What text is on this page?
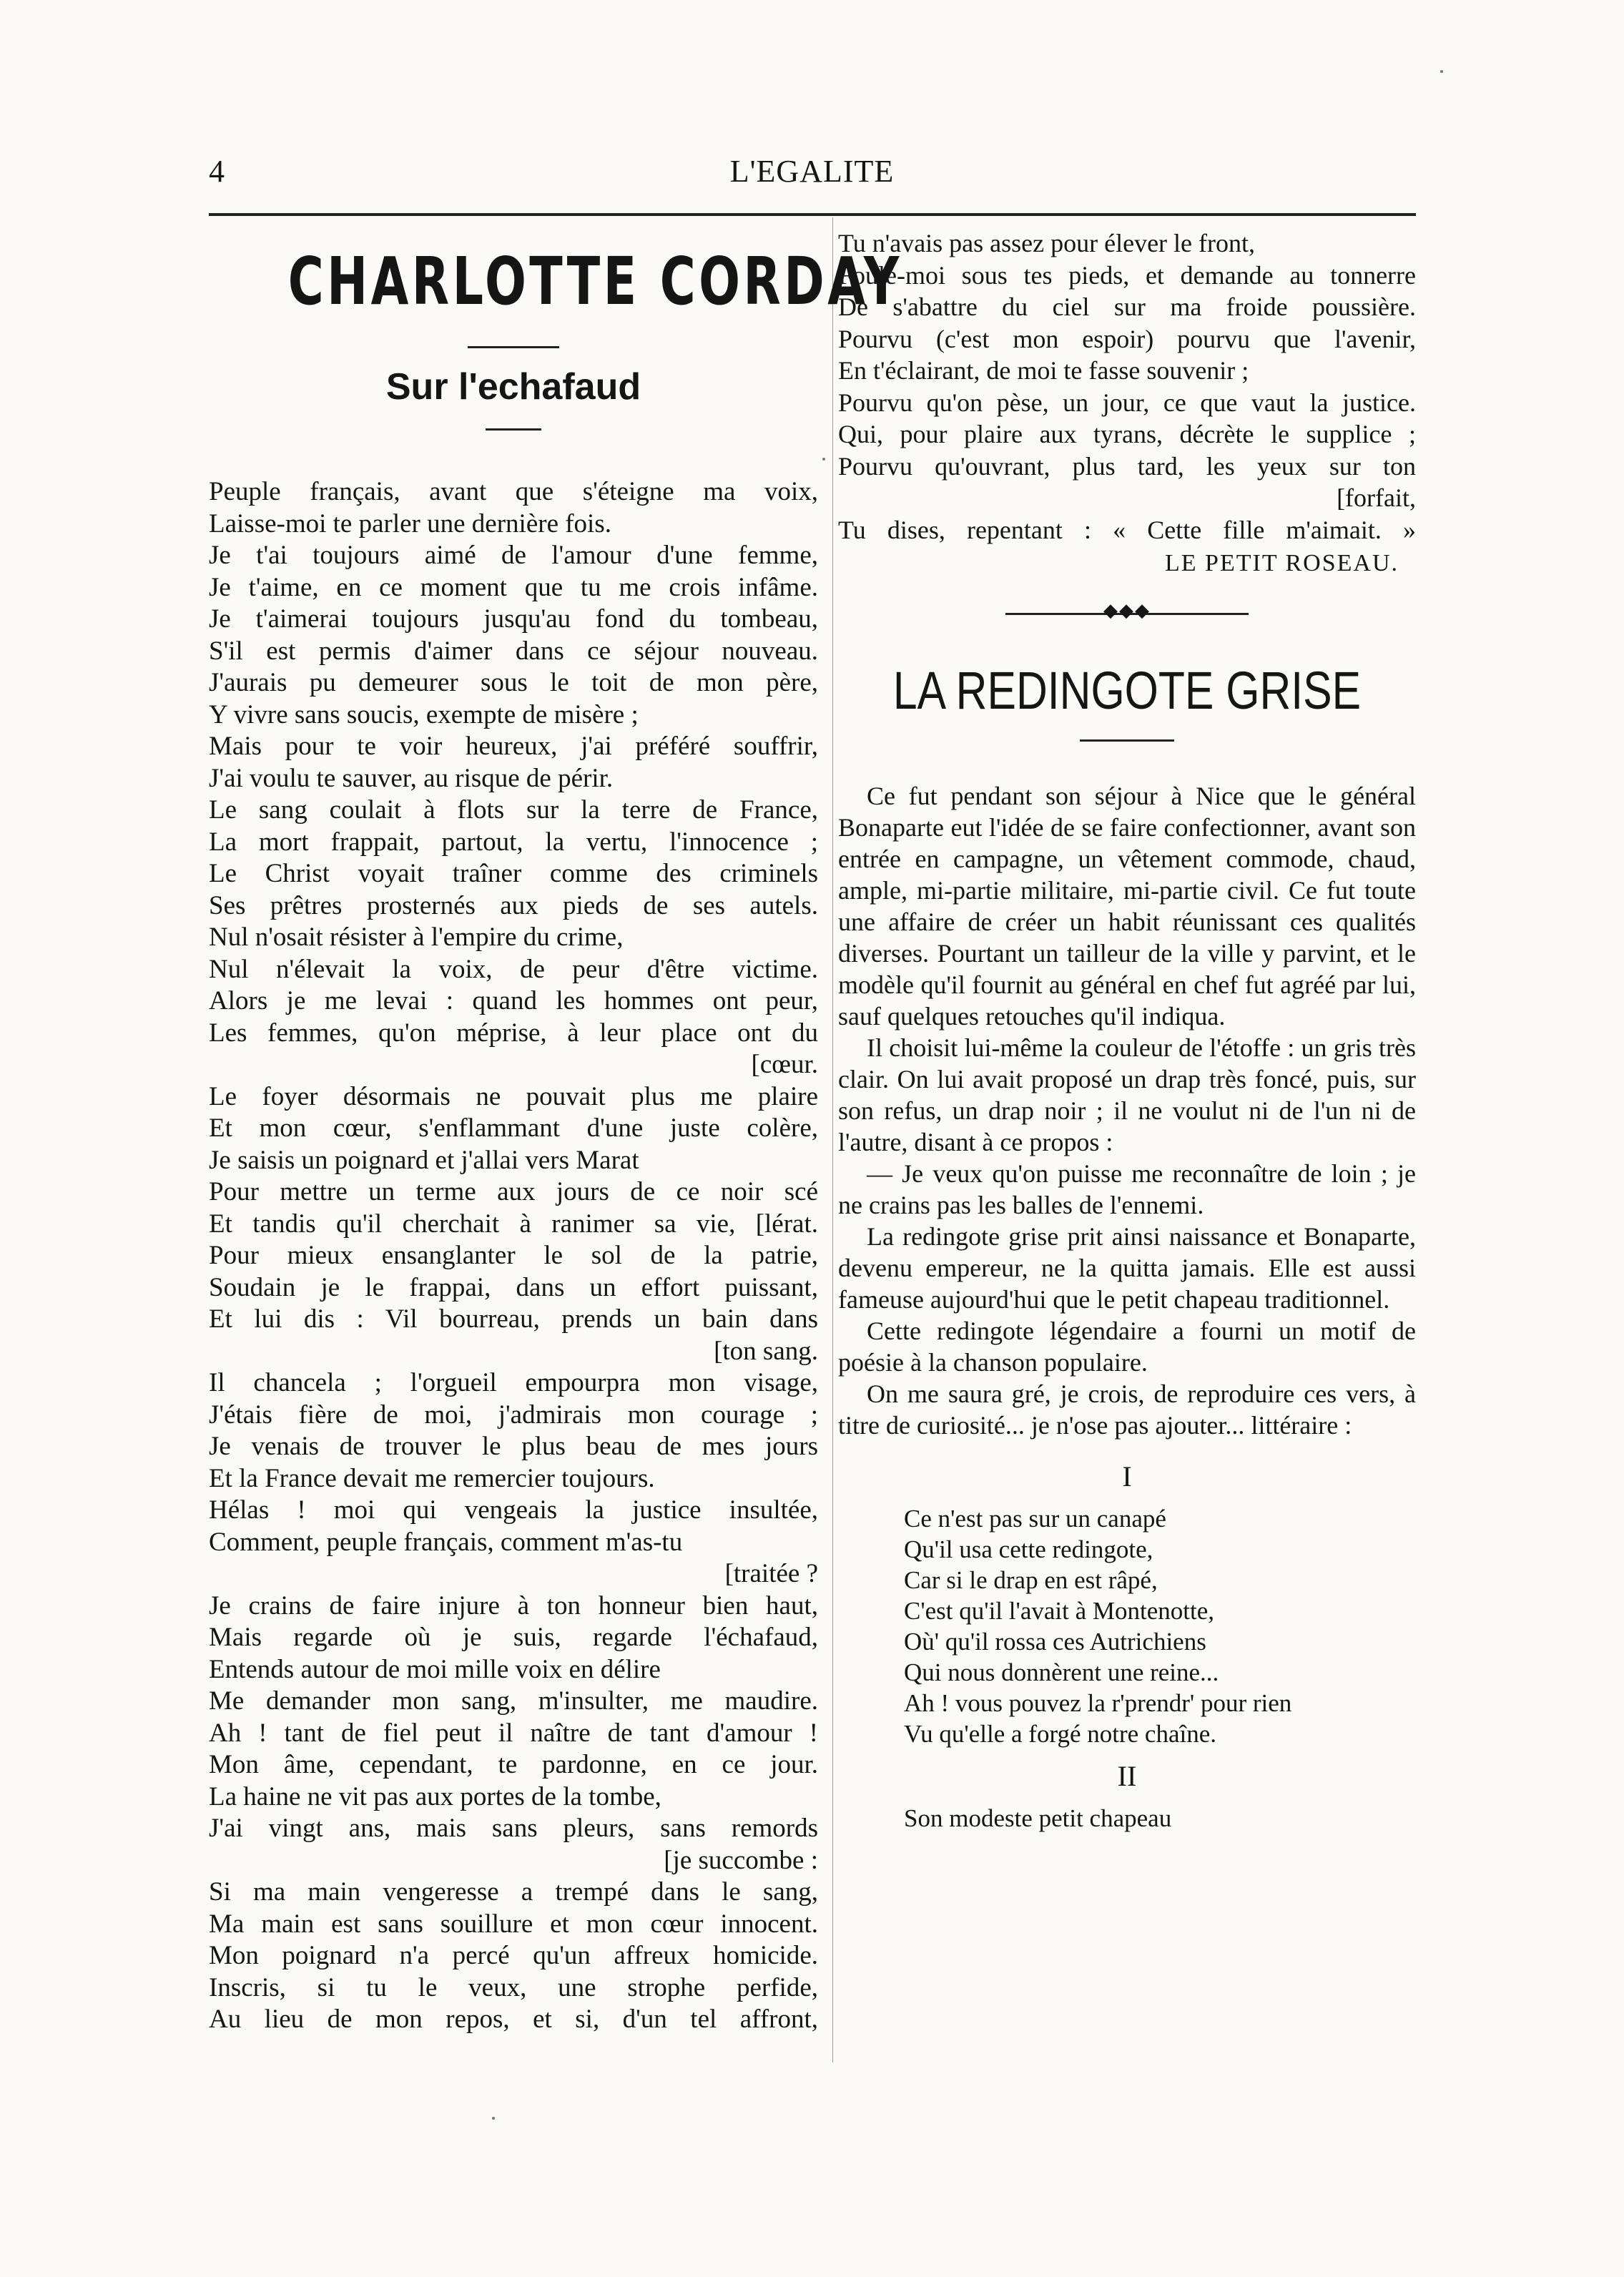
4	L'EGALITE
CHARLOTTE CORDAY
Sur l'echafaud
Peuple français, avant que s'éteigne ma voix,
Laisse-moi te parler une dernière fois.
Je t'ai toujours aimé de l'amour d'une femme,
Je t'aime, en ce moment que tu me crois infâme.
Je t'aimerai toujours jusqu'au fond du tombeau,
S'il est permis d'aimer dans ce séjour nouveau.
J'aurais pu demeurer sous le toit de mon père,
Y vivre sans soucis, exempte de misère ;
Mais pour te voir heureux, j'ai préféré souffrir,
J'ai voulu te sauver, au risque de périr.
Le sang coulait à flots sur la terre de France,
La mort frappait, partout, la vertu, l'innocence ;
Le Christ voyait traîner comme des criminels
Ses prêtres prosternés aux pieds de ses autels.
Nul n'osait résister à l'empire du crime,
Nul n'élevait la voix, de peur d'être victime.
Alors je me levai : quand les hommes ont peur,
Les femmes, qu'on méprise, à leur place ont du
[cœur.
Le foyer désormais ne pouvait plus me plaire
Et mon cœur, s'enflammant d'une juste colère,
Je saisis un poignard et j'allai vers Marat
Pour mettre un terme aux jours de ce noir scé
Et tandis qu'il cherchait à ranimer sa vie, [lérat.
Pour mieux ensanglanter le sol de la patrie,
Soudain je le frappai, dans un effort puissant,
Et lui dis : Vil bourreau, prends un bain dans
[ton sang.
Il chancela ; l'orgueil empourpra mon visage,
J'étais fière de moi, j'admirais mon courage ;
Je venais de trouver le plus beau de mes jours
Et la France devait me remercier toujours.
Hélas ! moi qui vengeais la justice insultée,
Comment, peuple français, comment m'as-tu
[traitée ?
Je crains de faire injure à ton honneur bien haut,
Mais regarde où je suis, regarde l'échafaud,
Entends autour de moi mille voix en délire
Me demander mon sang, m'insulter, me maudire.
Ah ! tant de fiel peut il naître de tant d'amour !
Mon âme, cependant, te pardonne, en ce jour.
La haine ne vit pas aux portes de la tombe,
J'ai vingt ans, mais sans pleurs, sans remords
[je succombe :
Si ma main vengeresse a trempé dans le sang,
Ma main est sans souillure et mon cœur innocent.
Mon poignard n'a percé qu'un affreux homicide.
Inscris, si tu le veux, une strophe perfide,
Au lieu de mon repos, et si, d'un tel affront,
Tu n'avais pas assez pour élever le front,
Foule-moi sous tes pieds, et demande au tonnerre
De s'abattre du ciel sur ma froide poussière.
Pourvu (c'est mon espoir) pourvu que l'avenir,
En t'éclairant, de moi te fasse souvenir ;
Pourvu qu'on pèse, un jour, ce que vaut la justice.
Qui, pour plaire aux tyrans, décrète le supplice ;
Pourvu qu'ouvrant, plus tard, les yeux sur ton
[forfait,
Tu dises, repentant : « Cette fille m'aimait. »
LE PETIT ROSEAU.
◆◆◆
LA REDINGOTE GRISE

Ce fut pendant son séjour à Nice que le général Bonaparte eut l'idée de se faire confectionner, avant son entrée en campagne, un vêtement commode, chaud, ample, mi-partie militaire, mi-partie civil. Ce fut toute une affaire de créer un habit réunissant ces qualités diverses. Pourtant un tailleur de la ville y parvint, et le modèle qu'il fournit au général en chef fut agréé par lui, sauf quelques retouches qu'il indiqua.

Il choisit lui-même la couleur de l'étoffe : un gris très clair. On lui avait proposé un drap très foncé, puis, sur son refus, un drap noir ; il ne voulut ni de l'un ni de l'autre, disant à ce propos :

— Je veux qu'on puisse me reconnaître de loin ; je ne crains pas les balles de l'ennemi.

La redingote grise prit ainsi naissance et Bonaparte, devenu empereur, ne la quitta jamais. Elle est aussi fameuse aujourd'hui que le petit chapeau traditionnel.

Cette redingote légendaire a fourni un motif de poésie à la chanson populaire.

On me saura gré, je crois, de reproduire ces vers, à titre de curiosité... je n'ose pas ajouter... littéraire :

I
Ce n'est pas sur un canapé
Qu'il usa cette redingote,
Car si le drap en est râpé,
C'est qu'il l'avait à Montenotte,
Où' qu'il rossa ces Autrichiens
Qui nous donnèrent une reine...
Ah ! vous pouvez la r'prendr' pour rien
Vu qu'elle a forgé notre chaîne.
II
Son modeste petit chapeau
